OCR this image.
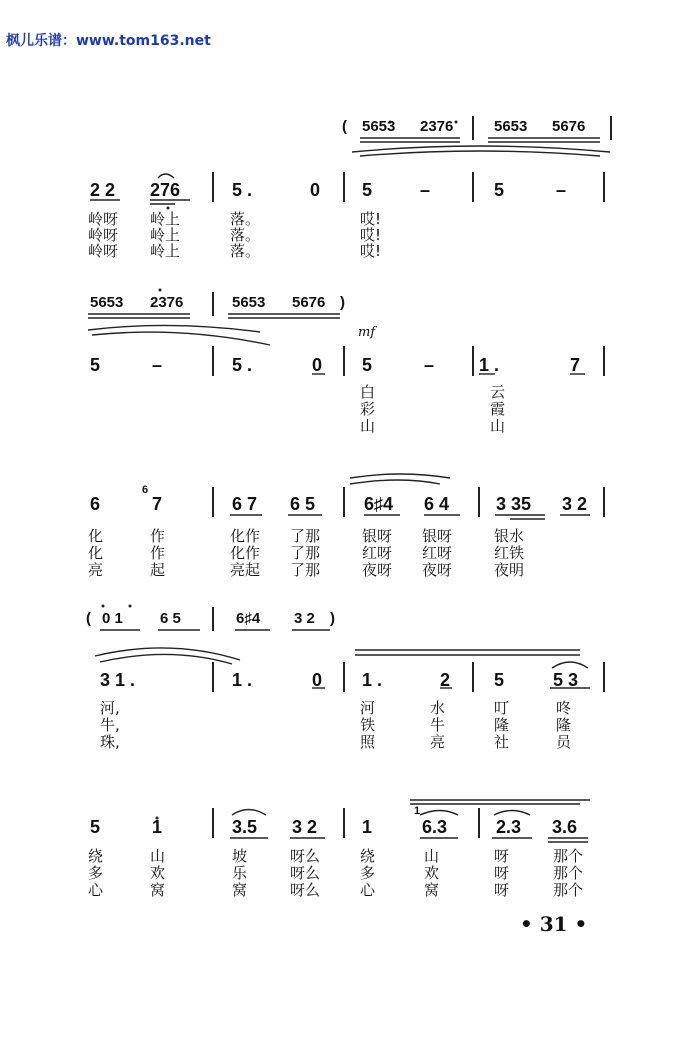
枫儿乐谱：www.tom163.net
( 5653 2376	5653 5676
2 2 276	5 .	0 5	–	5	–
岭呀 岭上	落。	哎!
岭呀 岭上	落。	哎!
岭呀 岭上	落。	哎!
5653 2376	5653 5676 )
mf
5	–	5 .	0 5	– 1 .	7
白	云
彩	霞
山	山
6
6
7	6 7 6 5	6♯4 6 4	3 35 3 2
化	作	化作 了那	银呀 银呀	银水
化	作	化作 了那	红呀 红呀	红铁
亮	起	亮起 了那	夜呀 夜呀	夜明
( 0 1 6 5	6♯4 3 2 )
3 1 .	1 .	0 1 .	2 5	5 3
河,	河	水	叮	咚
牛,	铁	牛	隆	隆
珠,	照	亮	社	员
5	1	3.5 3 2 1
1
6.3	2.3 3.6
绕	山	坡	呀么	绕	山	呀	那个
多	欢	乐	呀么	多	欢	呀	那个
心	窝	窝	呀么	心	窝	呀	那个
• 31 •
